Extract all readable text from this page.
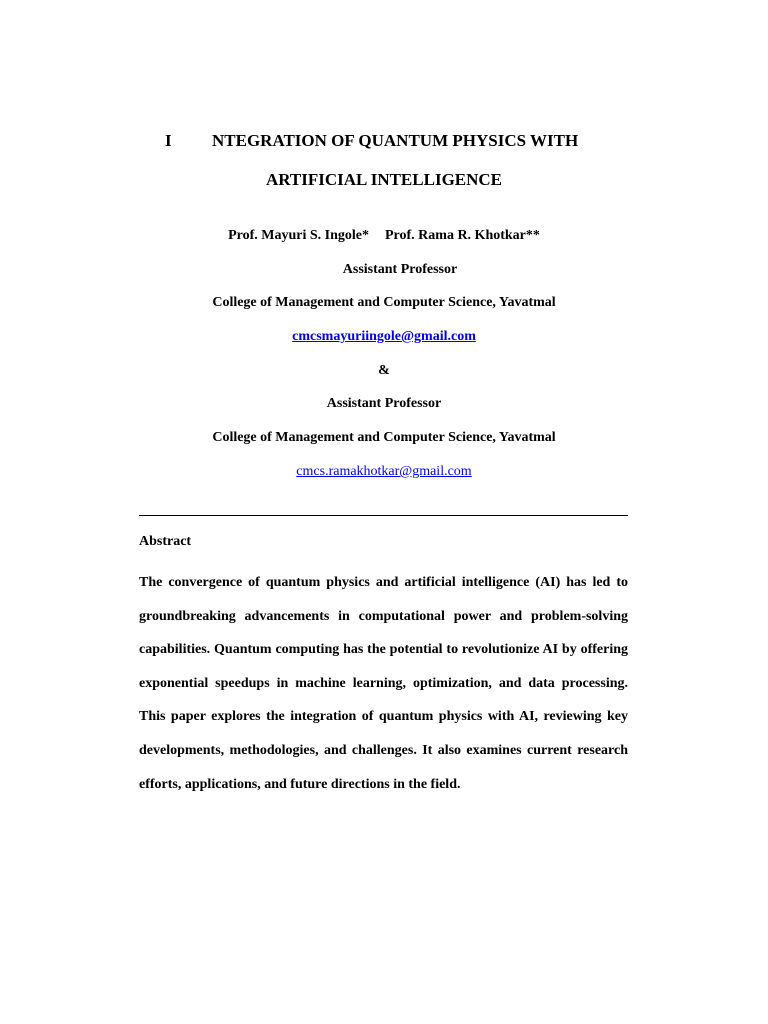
I NTEGRATION OF QUANTUM PHYSICS WITH
ARTIFICIAL INTELLIGENCE
Prof. Mayuri S. Ingole* Prof. Rama R. Khotkar**
Assistant Professor
College of Management and Computer Science, Yavatmal
cmcsmayuriingole@gmail.com
&
Assistant Professor
College of Management and Computer Science, Yavatmal
cmcs.ramakhotkar@gmail.com
Abstract

The convergence of quantum physics and artificial intelligence (AI) has led to groundbreaking advancements in computational power and problem-solving capabilities. Quantum computing has the potential to revolutionize AI by offering exponential speedups in machine learning, optimization, and data processing. This paper explores the integration of quantum physics with AI, reviewing key developments, methodologies, and challenges. It also examines current research efforts, applications, and future directions in the field.
